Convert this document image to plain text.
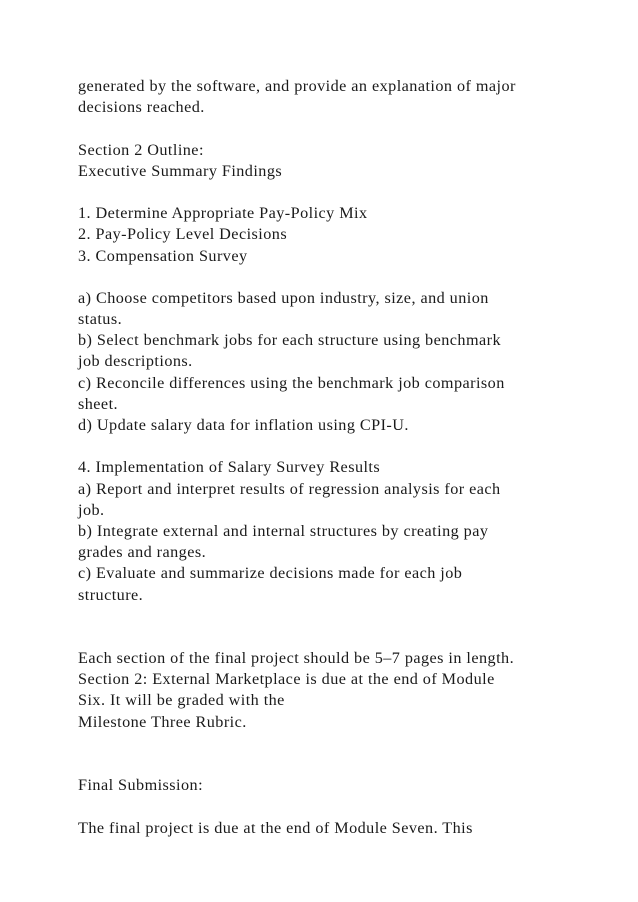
generated by the software, and provide an explanation of major
decisions reached.
Section 2 Outline:
Executive Summary Findings
1. Determine Appropriate Pay-Policy Mix
2. Pay-Policy Level Decisions
3. Compensation Survey
a) Choose competitors based upon industry, size, and union
status.
b) Select benchmark jobs for each structure using benchmark
job descriptions.
c) Reconcile differences using the benchmark job comparison
sheet.
d) Update salary data for inflation using CPI-U.
4. Implementation of Salary Survey Results
a) Report and interpret results of regression analysis for each
job.
b) Integrate external and internal structures by creating pay
grades and ranges.
c) Evaluate and summarize decisions made for each job
structure.
Each section of the final project should be 5–7 pages in length.
Section 2: External Marketplace is due at the end of Module
Six. It will be graded with the
Milestone Three Rubric.
Final Submission:
The final project is due at the end of Module Seven. This
